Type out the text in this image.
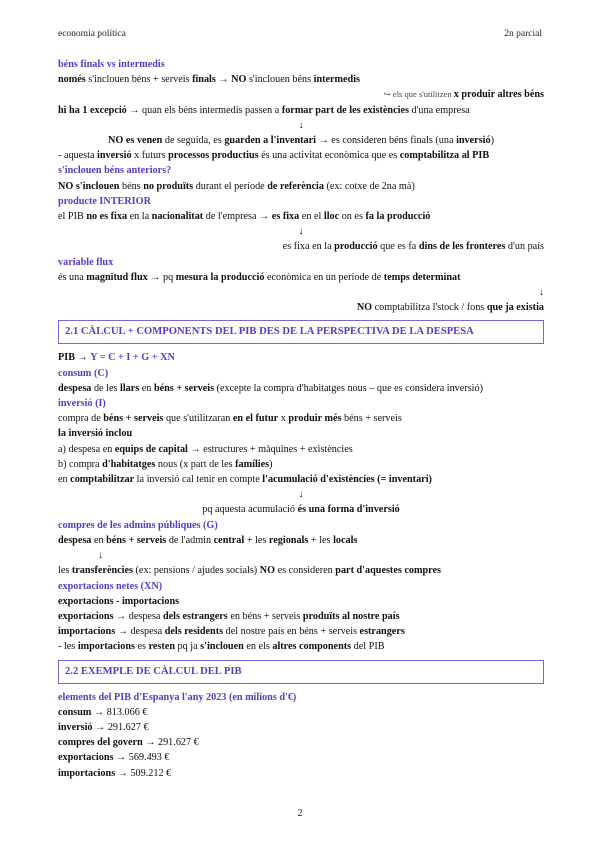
economia política	2n parcial
béns finals vs intermedis
només s'inclouen béns + serveis finals → NO s'inclouen béns intermedis
↪ els que s'utilitzen x produir altres béns
hi ha 1 excepció → quan els béns intermedis passen a formar part de les existències d'una empresa
↓
NO es venen de seguida, es guarden a l'inventari → es consideren béns finals (una inversió)
- aquesta inversió x futurs processos productius és una activitat econòmica que es comptabilitza al PIB
s'inclouen béns anteriors?
NO s'inclouen béns no produïts durant el període de referència (ex: cotxe de 2na mà)
producte INTERIOR
el PIB no es fixa en la nacionalitat de l'empresa → es fixa en el lloc on es fa la producció
↓
es fixa en la producció que es fa dins de les fronteres d'un país
variable flux
és una magnitud flux → pq mesura la producció econòmica en un període de temps determinat
↓
NO comptabilitza l'stock / fons que ja existia
2.1 CÀLCUL + COMPONENTS DEL PIB DES DE LA PERSPECTIVA DE LA DESPESA
PIB → Y = C + I + G + XN
consum (C)
despesa de les llars en béns + serveis (excepte la compra d'habitatges nous – que es considera inversió)
inversió (I)
compra de béns + serveis que s'utilitzaran en el futur x produir més béns + serveis
la inversió inclou
a) despesa en equips de capital → estructures + màquines + existències
b) compra d'habitatges nous (x part de les famílies)
en comptabilitzar la inversió cal tenir en compte l'acumulació d'existències (= inventari)
↓
pq aquesta acumulació és una forma d'inversió
compres de les admins públiques (G)
despesa en béns + serveis de l'admin central + les regionals + les locals
↓
les transferències (ex: pensions / ajudes socials) NO es consideren part d'aquestes compres
exportacions netes (XN)
exportacions - importacions
exportacions → despesa dels estrangers en béns + serveis produïts al nostre país
importacions → despesa dels residents del nostre país en béns + serveis estrangers
- les importacions es resten pq ja s'inclouen en els altres components del PIB
2.2 EXEMPLE DE CÀLCUL DEL PIB
elements del PIB d'Espanya l'any 2023 (en milions d'€)
consum → 813.066 €
inversió → 291.627 €
compres del govern → 291.627 €
exportacions → 569.493 €
importacions → 509.212 €
2
